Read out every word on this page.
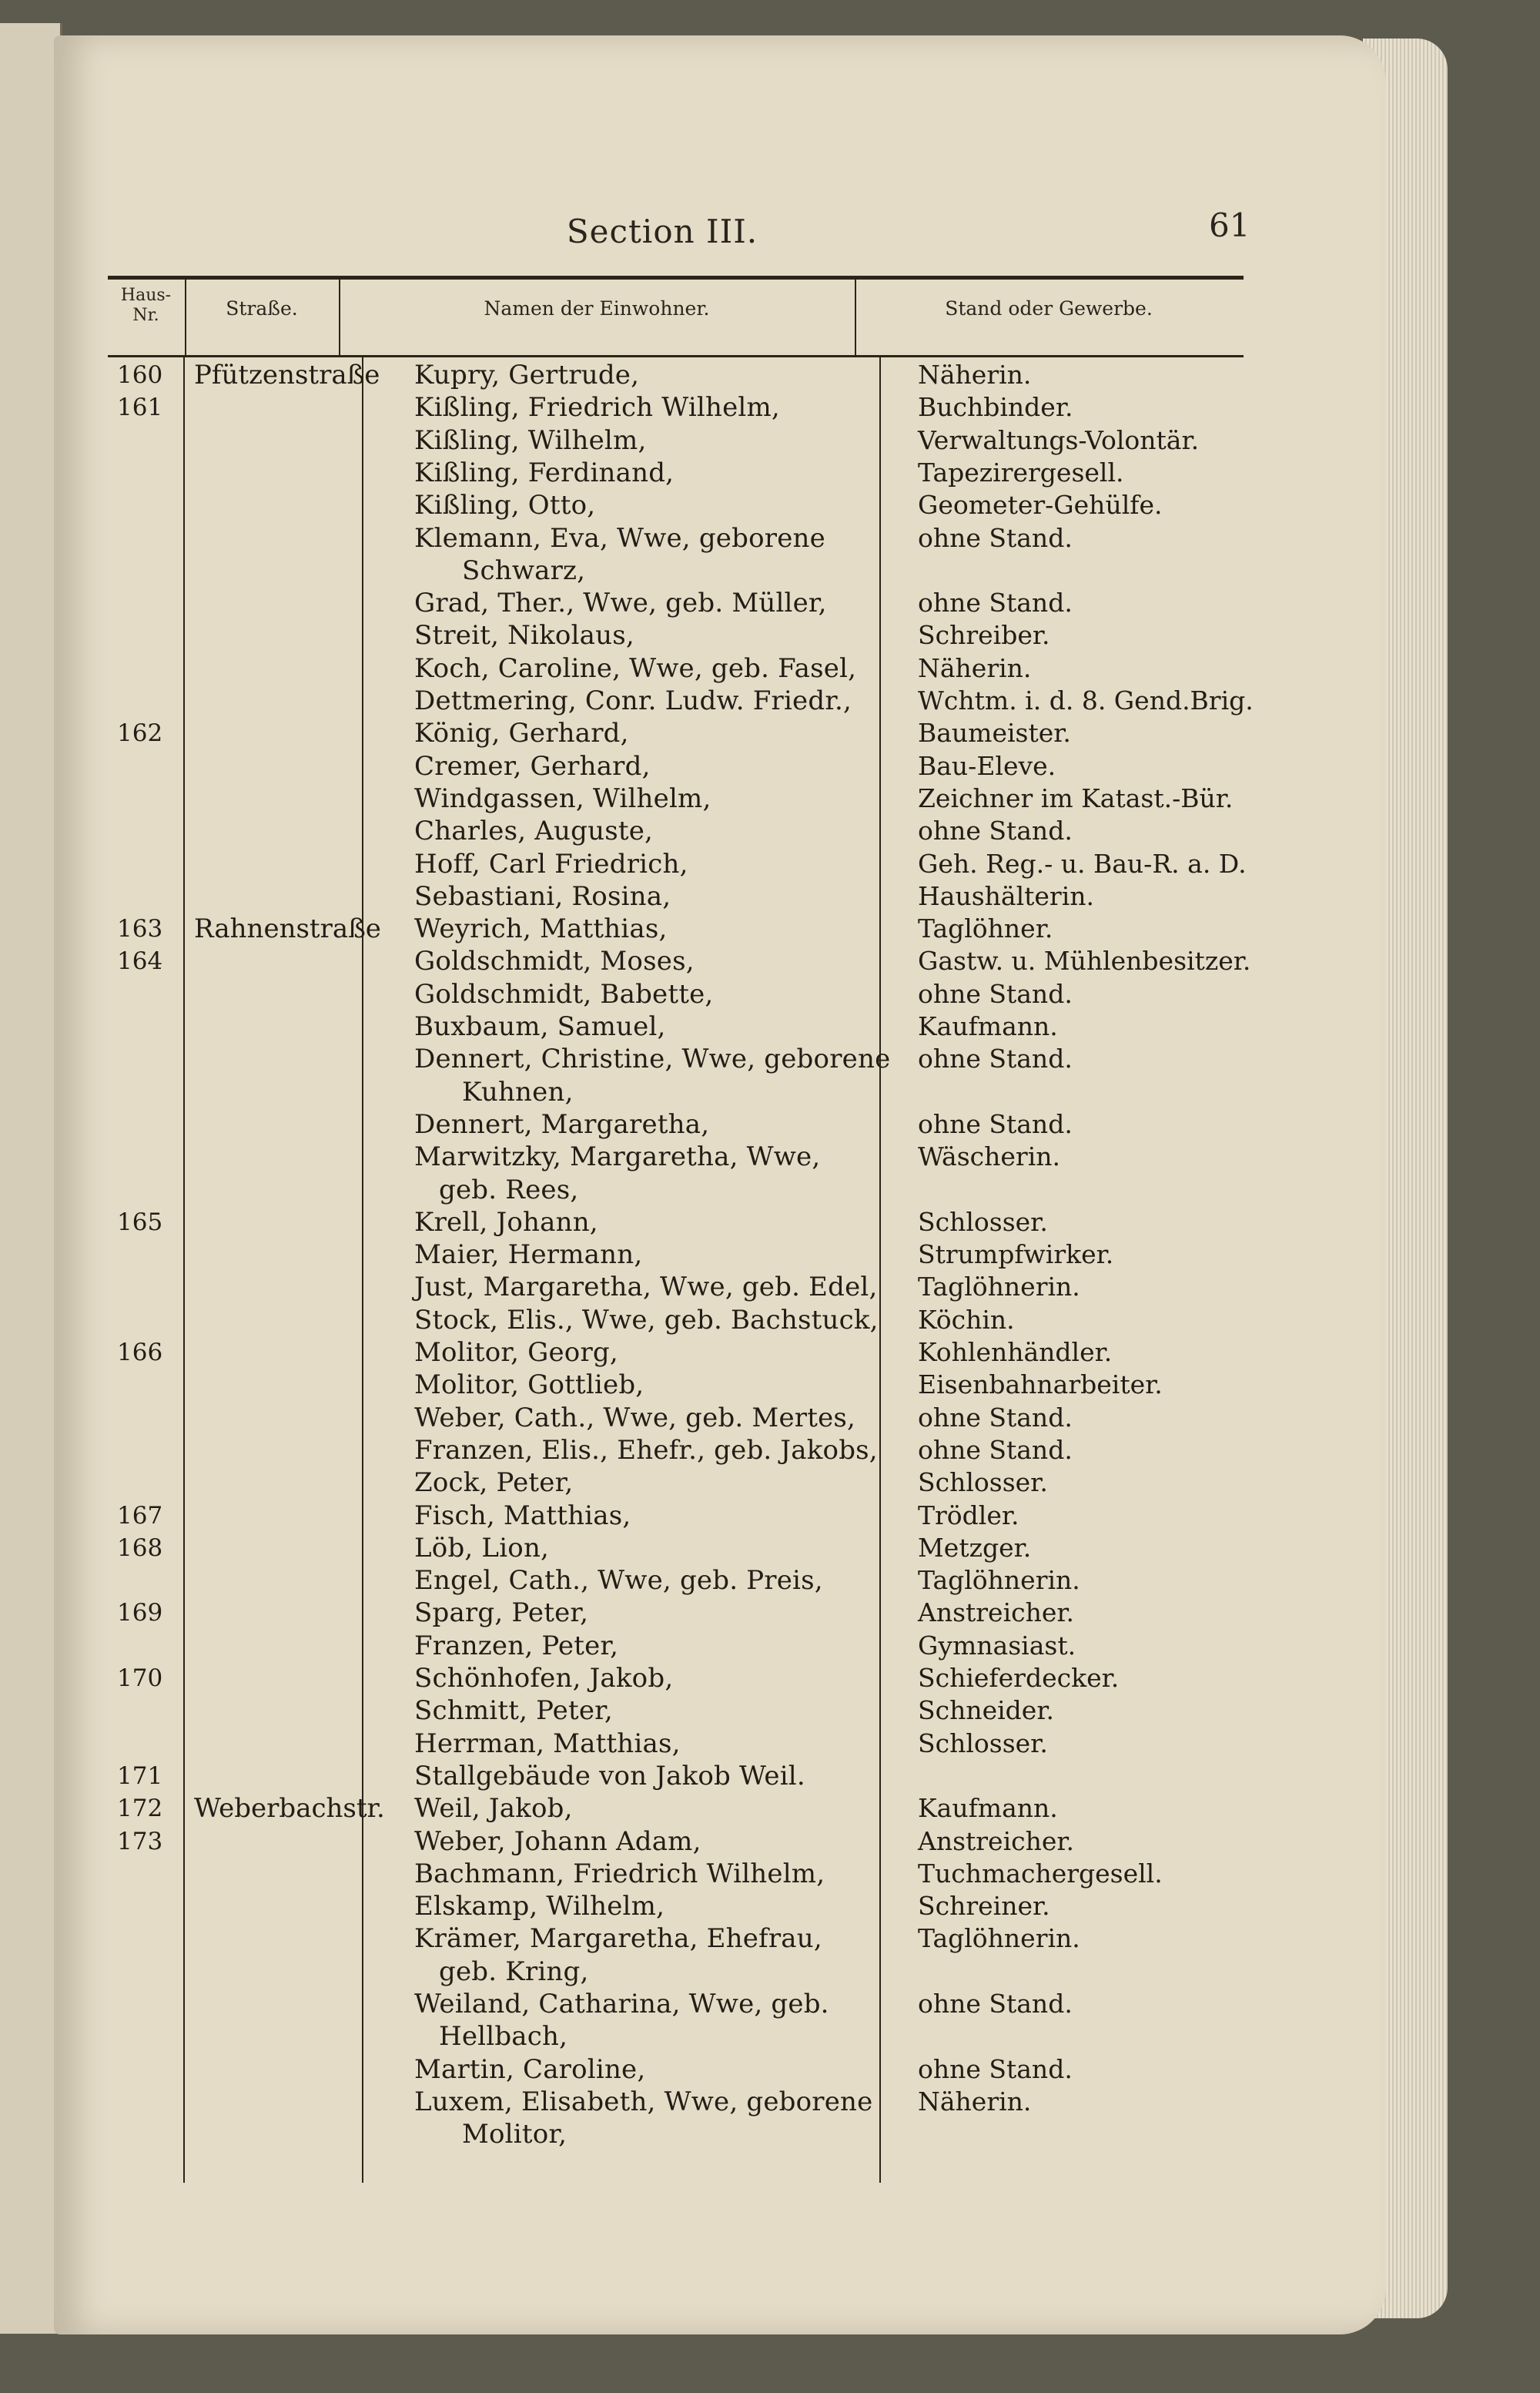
Section III.	61
Haus-
Nr.	Straße.	Namen der Einwohner.	Stand oder Gewerbe.
160	Pfützenstraße	Kupry, Gertrude,	Näherin.
161	Kißling, Friedrich Wilhelm,	Buchbinder.
Kißling, Wilhelm,	Verwaltungs-Volontär.
Kißling, Ferdinand,	Tapezirergesell.
Kißling, Otto,	Geometer-Gehülfe.
Klemann, Eva, Wwe, geborene	ohne Stand.
Schwarz,
Grad, Ther., Wwe, geb. Müller,	ohne Stand.
Streit, Nikolaus,	Schreiber.
Koch, Caroline, Wwe, geb. Fasel,	Näherin.
Dettmering, Conr. Ludw. Friedr.,	Wchtm. i. d. 8. Gend.Brig.
162	König, Gerhard,	Baumeister.
Cremer, Gerhard,	Bau-Eleve.
Windgassen, Wilhelm,	Zeichner im Katast.-Bür.
Charles, Auguste,	ohne Stand.
Hoff, Carl Friedrich,	Geh. Reg.- u. Bau-R. a. D.
Sebastiani, Rosina,	Haushälterin.
163	Rahnenstraße	Weyrich, Matthias,	Taglöhner.
164	Goldschmidt, Moses,	Gastw. u. Mühlenbesitzer.
Goldschmidt, Babette,	ohne Stand.
Buxbaum, Samuel,	Kaufmann.
Dennert, Christine, Wwe, geborene	ohne Stand.
Kuhnen,
Dennert, Margaretha,	ohne Stand.
Marwitzky, Margaretha, Wwe,	Wäscherin.
geb. Rees,
165	Krell, Johann,	Schlosser.
Maier, Hermann,	Strumpfwirker.
Just, Margaretha, Wwe, geb. Edel,	Taglöhnerin.
Stock, Elis., Wwe, geb. Bachstuck,	Köchin.
166	Molitor, Georg,	Kohlenhändler.
Molitor, Gottlieb,	Eisenbahnarbeiter.
Weber, Cath., Wwe, geb. Mertes,	ohne Stand.
Franzen, Elis., Ehefr., geb. Jakobs,	ohne Stand.
Zock, Peter,	Schlosser.
167	Fisch, Matthias,	Trödler.
168	Löb, Lion,	Metzger.
Engel, Cath., Wwe, geb. Preis,	Taglöhnerin.
169	Sparg, Peter,	Anstreicher.
Franzen, Peter,	Gymnasiast.
170	Schönhofen, Jakob,	Schieferdecker.
Schmitt, Peter,	Schneider.
Herrman, Matthias,	Schlosser.
171	Stallgebäude von Jakob Weil.
172	Weberbachstr.	Weil, Jakob,	Kaufmann.
173	Weber, Johann Adam,	Anstreicher.
Bachmann, Friedrich Wilhelm,	Tuchmachergesell.
Elskamp, Wilhelm,	Schreiner.
Krämer, Margaretha, Ehefrau,	Taglöhnerin.
geb. Kring,
Weiland, Catharina, Wwe, geb.	ohne Stand.
Hellbach,
Martin, Caroline,	ohne Stand.
Luxem, Elisabeth, Wwe, geborene	Näherin.
Molitor,
